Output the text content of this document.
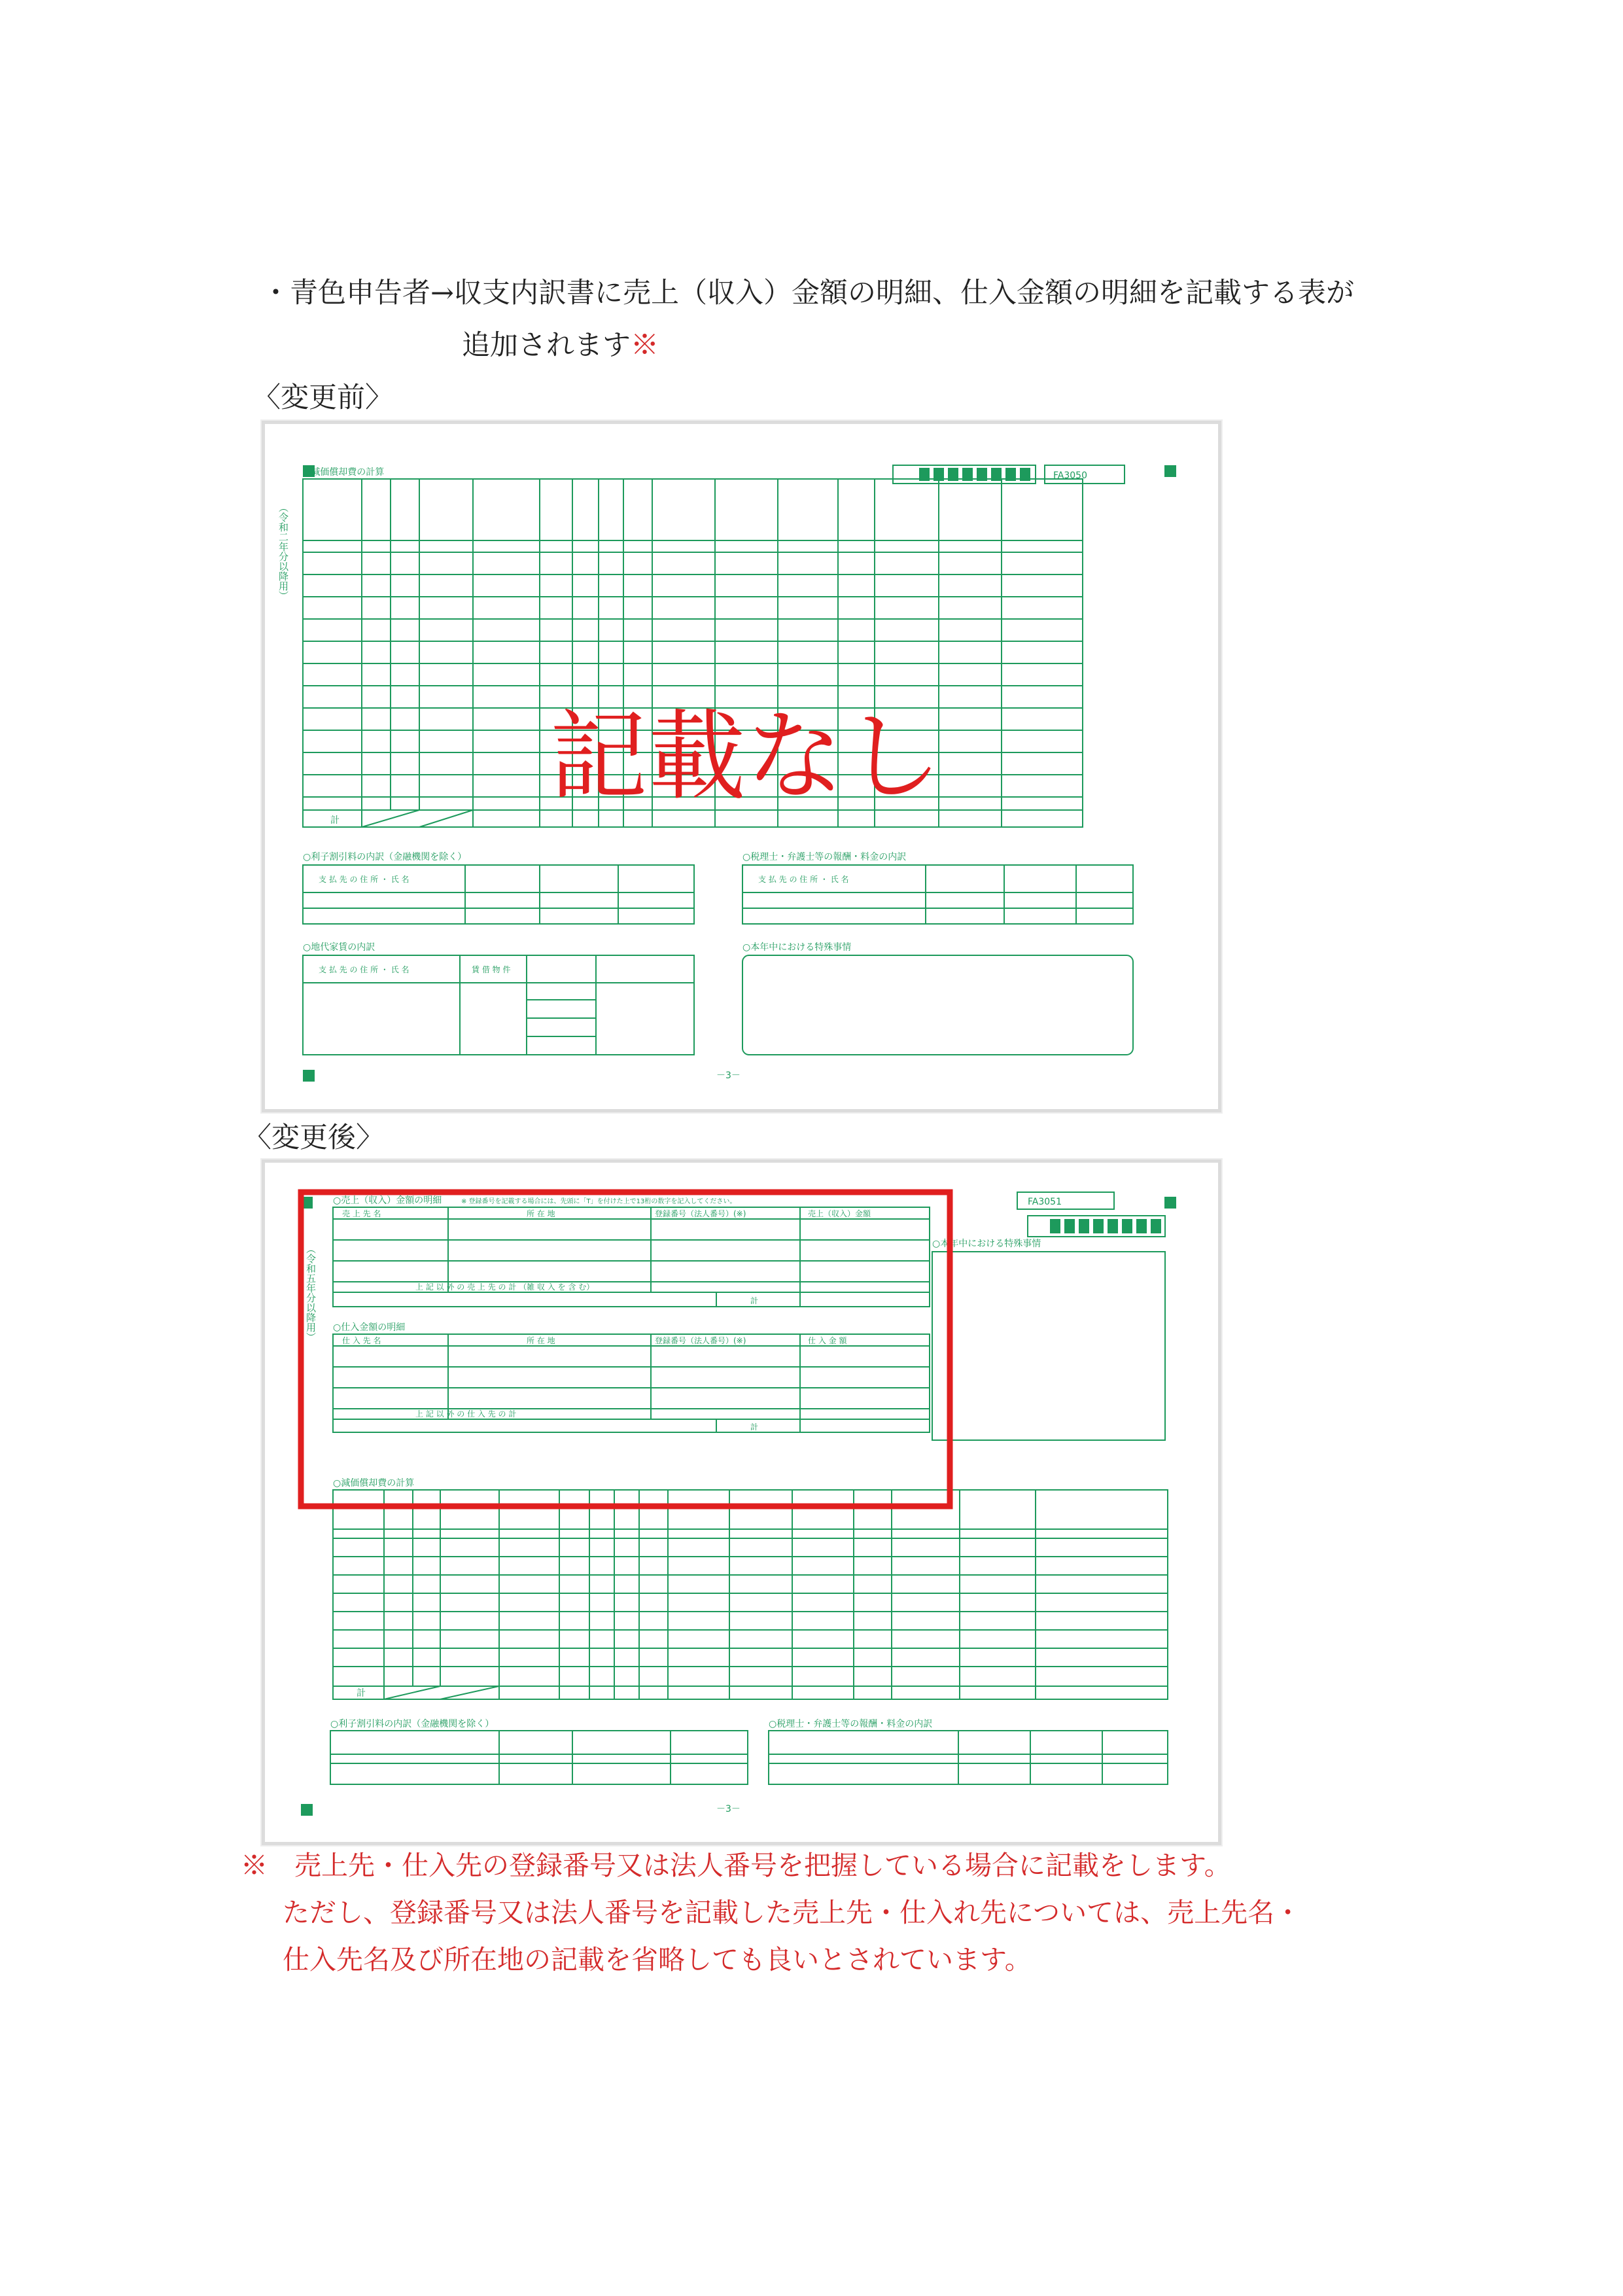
・青色申告者→収支内訳書に売上（収入）金額の明細、仕入金額の明細を記載する表が

追加されます※
〈変更前〉
FA3050
○減価償却費の計算
計
○利子割引料の内訳（金融機関を除く）	○税理士・弁護士等の報酬・料金の内訳
○地代家賃の内訳	○本年中における特殊事情
支 払 先 の 住 所 ・ 氏 名	支 払 先 の 住 所 ・ 氏 名
支 払 先 の 住 所 ・ 氏 名	賃 借 物 件
－3－
（令和二年分以降用）
記載なし
〈変更後〉
FA3051
○売上（収入）金額の明細	※ 登録番号を記載する場合には、先頭に「T」を付けた上で13桁の数字を記入してください。
売 上 先 名	所 在 地	登録番号（法人番号）(※)	売上（収入）金額
上 記 以 外 の 売 上 先 の 計 （雑 収 入 を 含 む）
計
○仕入金額の明細
仕 入 先 名	所 在 地	登録番号（法人番号）(※)	仕 入 金 額
上 記 以 外 の 仕 入 先 の 計
計
○本年中における特殊事情
○減価償却費の計算
計
○利子割引料の内訳（金融機関を除く）	○税理士・弁護士等の報酬・料金の内訳
－3－
（令和五年分以降用）
※　売上先・仕入先の登録番号又は法人番号を把握している場合に記載をします。

ただし、登録番号又は法人番号を記載した売上先・仕入れ先については、売上先名・
仕入先名及び所在地の記載を省略しても良いとされています。
